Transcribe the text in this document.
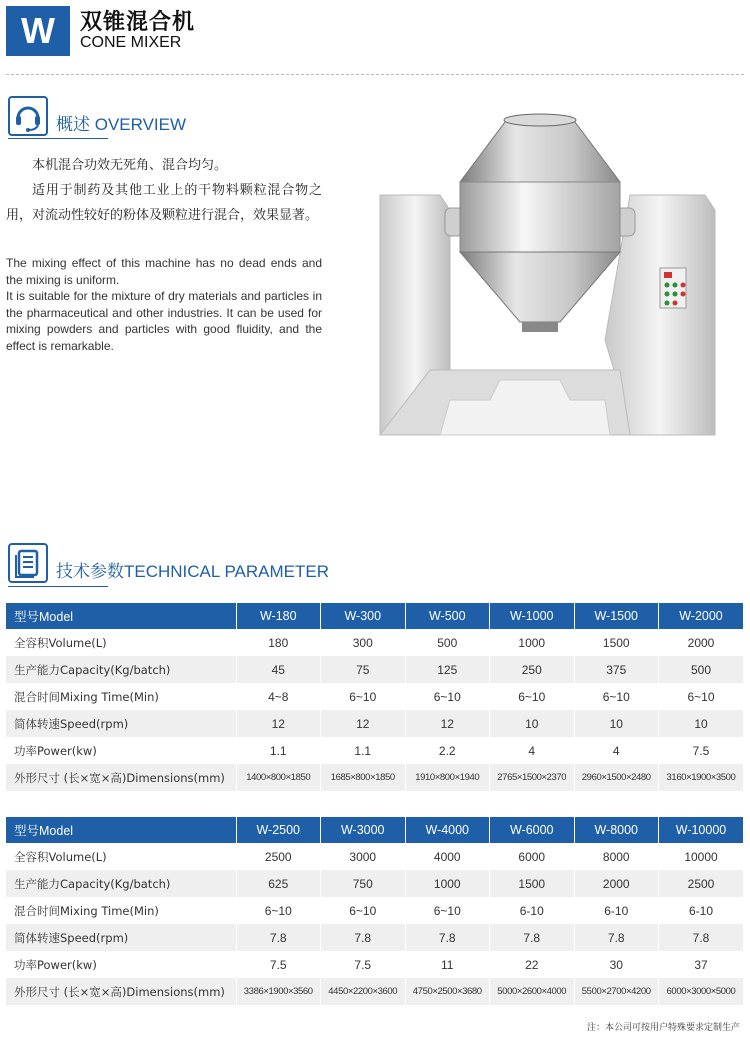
W	双锥混合机
CONE MIXER
概述 OVERVIEW
本机混合功效无死角、混合均匀。
适用于制药及其他工业上的干物料颗粒混合物之用，对流动性较好的粉体及颗粒进行混合，效果显著。
The mixing effect of this machine has no dead ends and the mixing is uniform.
It is suitable for the mixture of dry materials and particles in the pharmaceutical and other industries. It can be used for mixing powders and particles with good fluidity, and the effect is remarkable.
技术参数TECHNICAL PARAMETER
型号Model	W-180	W-300	W-500	W-1000	W-1500	W-2000
全容积Volume(L)	180	300	500	1000	1500	2000
生产能力Capacity(Kg/batch)	45	75	125	250	375	500
混合时间Mixing Time(Min)	4~8	6~10	6~10	6~10	6~10	6~10
简体转速Speed(rpm)	12	12	12	10	10	10
功率Power(kw)	1.1	1.1	2.2	4	4	7.5
外形尺寸 (长×宽×高)Dimensions(mm)	1400×800×1850	1685×800×1850	1910×800×1940	2765×1500×2370	2960×1500×2480	3160×1900×3500
型号Model	W-2500	W-3000	W-4000	W-6000	W-8000	W-10000
全容积Volume(L)	2500	3000	4000	6000	8000	10000
生产能力Capacity(Kg/batch)	625	750	1000	1500	2000	2500
混合时间Mixing Time(Min)	6~10	6~10	6~10	6-10	6-10	6-10
简体转速Speed(rpm)	7.8	7.8	7.8	7.8	7.8	7.8
功率Power(kw)	7.5	7.5	11	22	30	37
外形尺寸 (长×宽×高)Dimensions(mm)	3386×1900×3560	4450×2200×3600	4750×2500×3680	5000×2600×4000	5500×2700×4200	6000×3000×5000
注：本公司可按用户特殊要求定制生产
